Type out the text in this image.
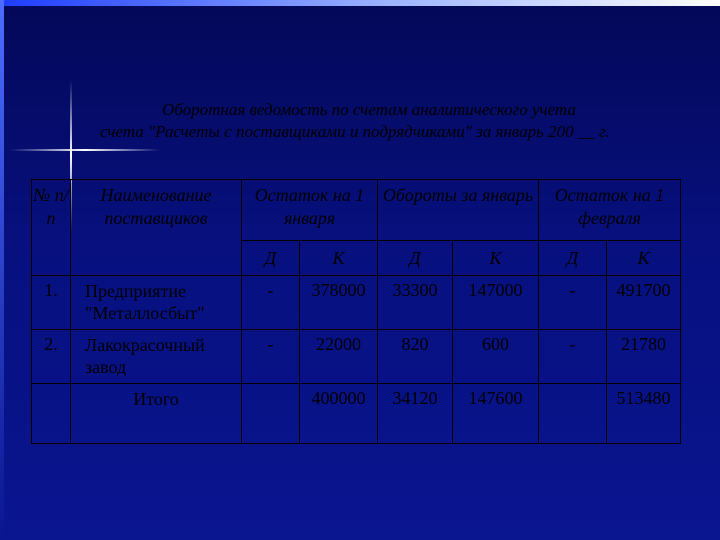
Оборотная ведомость по счетам аналитического учета
счета "Расчеты с поставщиками и подрядчиками" за январь 200 __ г.
№ п/п	Наименование поставщиков	Остаток на 1 января		Обороты за январь		Остаток на 1 февраля	
		Д	К	Д	К	Д	К
1.	Предприятие "Металлосбыт"	-	378000	33300	147000	-	491700
2.	Лакокрасочный завод	-	22000	820	600	-	21780
	Итого		400000	34120	147600		513480
